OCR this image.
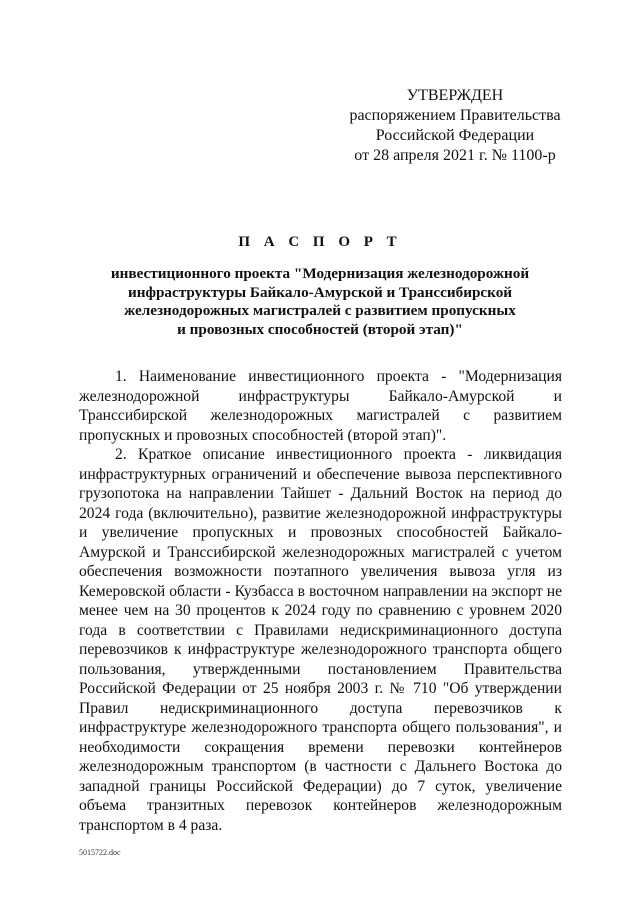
УТВЕРЖДЕН
распоряжением Правительства
Российской Федерации
от 28 апреля 2021 г. № 1100-р
П А С П О Р Т
инвестиционного проекта "Модернизация железнодорожной
инфраструктуры Байкало-Амурской и Транссибирской
железнодорожных магистралей с развитием пропускных
и провозных способностей (второй этап)"

1. Наименование инвестиционного проекта - "Модернизация железнодорожной инфраструктуры Байкало-Амурской и Транссибирской железнодорожных магистралей с развитием пропускных и провозных способностей (второй этап)".

2. Краткое описание инвестиционного проекта - ликвидация инфраструктурных ограничений и обеспечение вывоза перспективного грузопотока на направлении Тайшет - Дальний Восток на период до 2024 года (включительно), развитие железнодорожной инфраструктуры и увеличение пропускных и провозных способностей Байкало-Амурской и Транссибирской железнодорожных магистралей с учетом обеспечения возможности поэтапного увеличения вывоза угля из Кемеровской области - Кузбасса в восточном направлении на экспорт не менее чем на 30 процентов к 2024 году по сравнению с уровнем 2020 года в соответствии с Правилами недискриминационного доступа перевозчиков к инфраструктуре железнодорожного транспорта общего пользования, утвержденными постановлением Правительства Российской Федерации от 25 ноября 2003 г. № 710 "Об утверждении Правил недискриминационного доступа перевозчиков к инфраструктуре железнодорожного транспорта общего пользования", и необходимости сокращения времени перевозки контейнеров железнодорожным транспортом (в частности с Дальнего Востока до западной границы Российской Федерации) до 7 суток, увеличение объема транзитных перевозок контейнеров железнодорожным транспортом в 4 раза.

5015722.doc
